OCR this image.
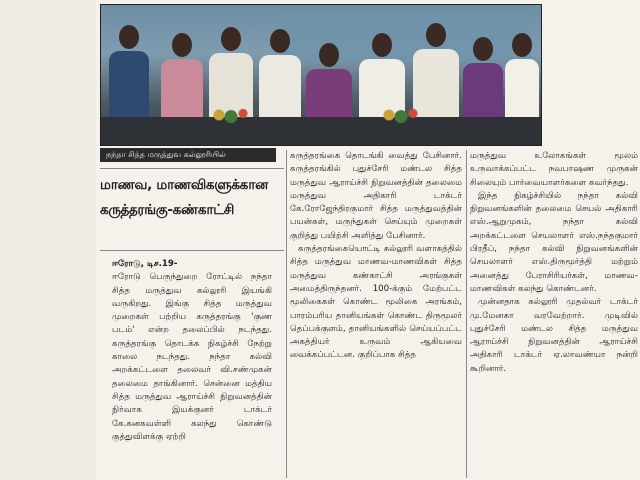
நந்தா சித்த மருத்துவ கல்லூரியில்
மாணவ, மாணவிகளுக்கான
கருத்தரங்கு-கண்காட்சி

ஈரோடு, டிச.19-

ஈரோடு பெருந்துறை ரோட்டில் நந்தா சித்த மருத்துவ கல்லூரி இயங்கி வருகிறது. இங்கு சித்த மருத்துவ முறைகள் பற்றிய கருத்தரங்கு 'குண படம்' என்ற தலைப்பில் நடந்தது. கருத்தரங்கு தொடக்க நிகழ்ச்சி நேற்று காலை நடந்தது. நந்தா கல்வி அறக்கட்டளை தலைவர் வி.சண்முகன் தலைமை தாங்கினார். சென்னை மத்திய சித்த மருத்துவ ஆராய்ச்சி நிறுவனத்தின் நிர்வாக இயக்குனர் டாக்டர் கே.கனகவள்ளி கலந்து கொண்டு குத்துவிளக்கு ஏற்றி

கருத்தரங்கை தொடங்கி வைத்து பேசினார். கருத்தரங்கில் புதுச்சேரி மண்டல சித்த மருத்துவ ஆராய்ச்சி நிறுவனத்தின் தலைமை மருத்துவ அதிகாரி டாக்டர் கே.ரோஜேந்திரகுமார் சித்த மருத்துவத்தின் பயன்கள், மருந்துகள் செய்யும் முறைகள் குறித்து பயிற்சி அளித்து பேசினார்.

கருத்தரங்கையொட்டி கல்லூரி வளாகத்தில் சித்த மருத்துவ மாணவ-மாணவிகள் சித்த மருத்துவ கண்காட்சி அரங்குகள் அமைத்திருந்தனர். 100-க்கும் மேற்பட்ட மூலிகைகள் கொண்ட மூலிகை அரங்கம், பாரம்பரிய தானியங்கள் கொண்ட திருமூலர் தெப்பக்குளம், தானியங்களில் செய்யப்பட்ட அகத்தியர் உருவம் ஆகியவை வைக்கப்பட்டன. குறிப்பாக சித்த

மருத்துவ உலோகங்கள் மூலம் உருவாக்கப்பட்ட நவபாஷண முருகன் சிலையும் பார்வையாளர்களை கவர்ந்தது.

இந்த நிகழ்ச்சியில் நந்தா கல்வி நிறுவனங்களின் தலைமை செயல் அதிகாரி எஸ்.ஆறுமுகம், நந்தா கல்வி அறக்கட்டளை செயலாளர் எஸ்.நந்தகுமார் பிரதீப், நந்தா கல்வி நிறுவனங்களின் செயலாளர் எஸ்.திருமூர்த்தி மற்றும் அனைத்து பேராசிரியர்கள், மாணவ- மாணவிகள் கலந்து கொண்டனர்.

முன்னதாக கல்லூரி முதல்வர் டாக்டர் மு.மேனகா வரவேற்றார். முடிவில் புதுச்சேரி மண்டல சித்த மருத்துவ ஆராய்ச்சி நிறுவனத்தின் ஆராய்ச்சி அதிகாரி டாக்டர் ஏ.லாவண்யா நன்றி கூறினார்.
